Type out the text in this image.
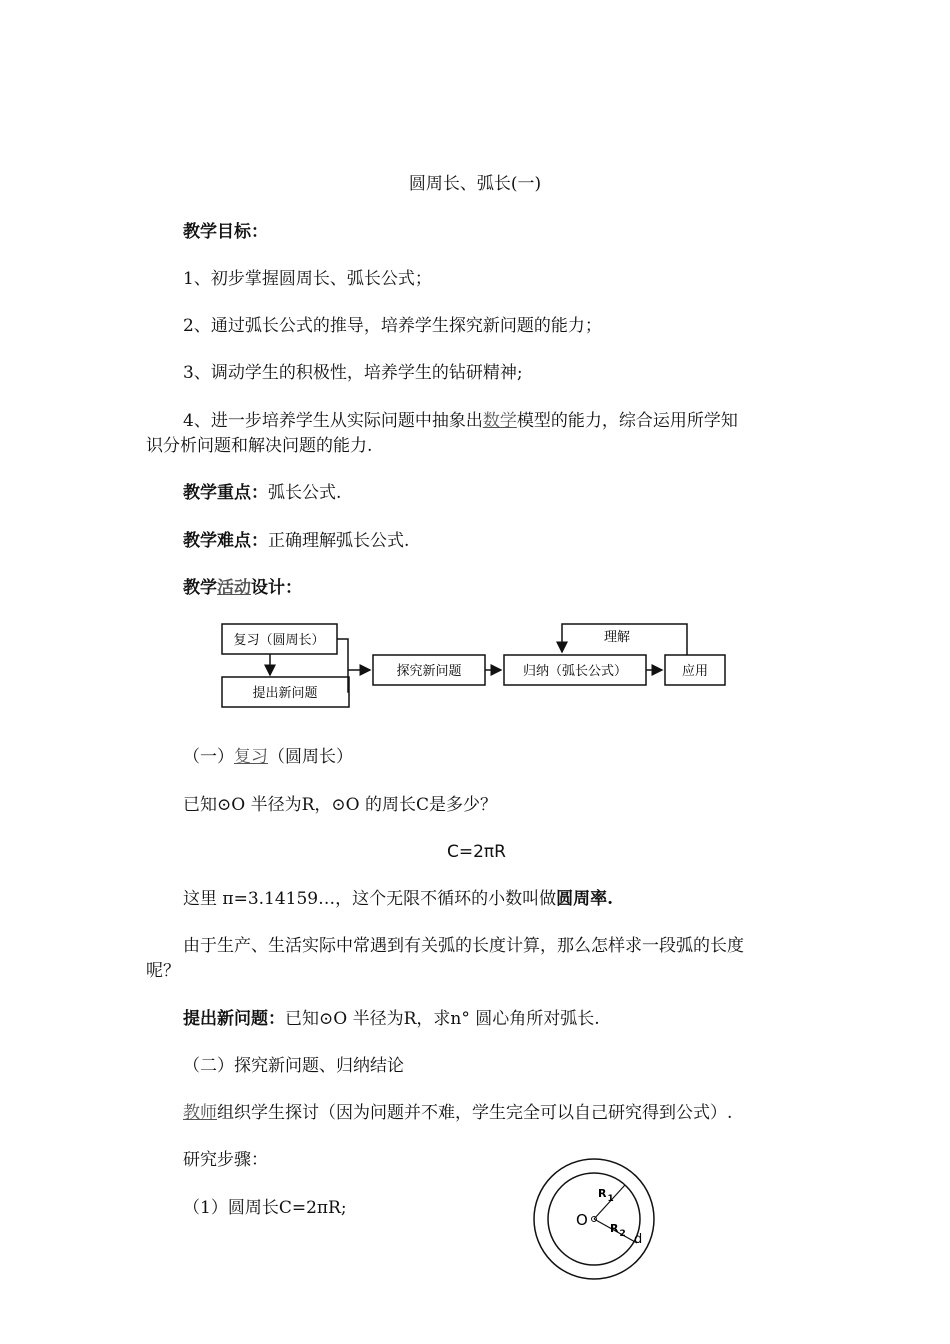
圆周长、弧长(一)
教学目标：
1、初步掌握圆周长、弧长公式；
2、通过弧长公式的推导，培养学生探究新问题的能力；
3、调动学生的积极性，培养学生的钻研精神;
4、进一步培养学生从实际问题中抽象出数学模型的能力，综合运用所学知
识分析问题和解决问题的能力.
教学重点：弧长公式.
教学难点：正确理解弧长公式.
教学活动设计：
复习（圆周长）
提出新问题
探究新问题	归纳（弧长公式）	应用
理解
（一）复习（圆周长）
已知⊙O 半径为R，⊙O 的周长C是多少？
C=2πR
这里 π=3.14159…，这个无限不循环的小数叫做圆周率.
由于生产、生活实际中常遇到有关弧的长度计算，那么怎样求一段弧的长度
呢？
提出新问题：已知⊙O 半径为R，求n° 圆心角所对弧长.
（二）探究新问题、归纳结论
教师组织学生探讨（因为问题并不难，学生完全可以自己研究得到公式）.
研究步骤：
（1）圆周长C=2πR;
O
$R_1$
$R_2$ d
